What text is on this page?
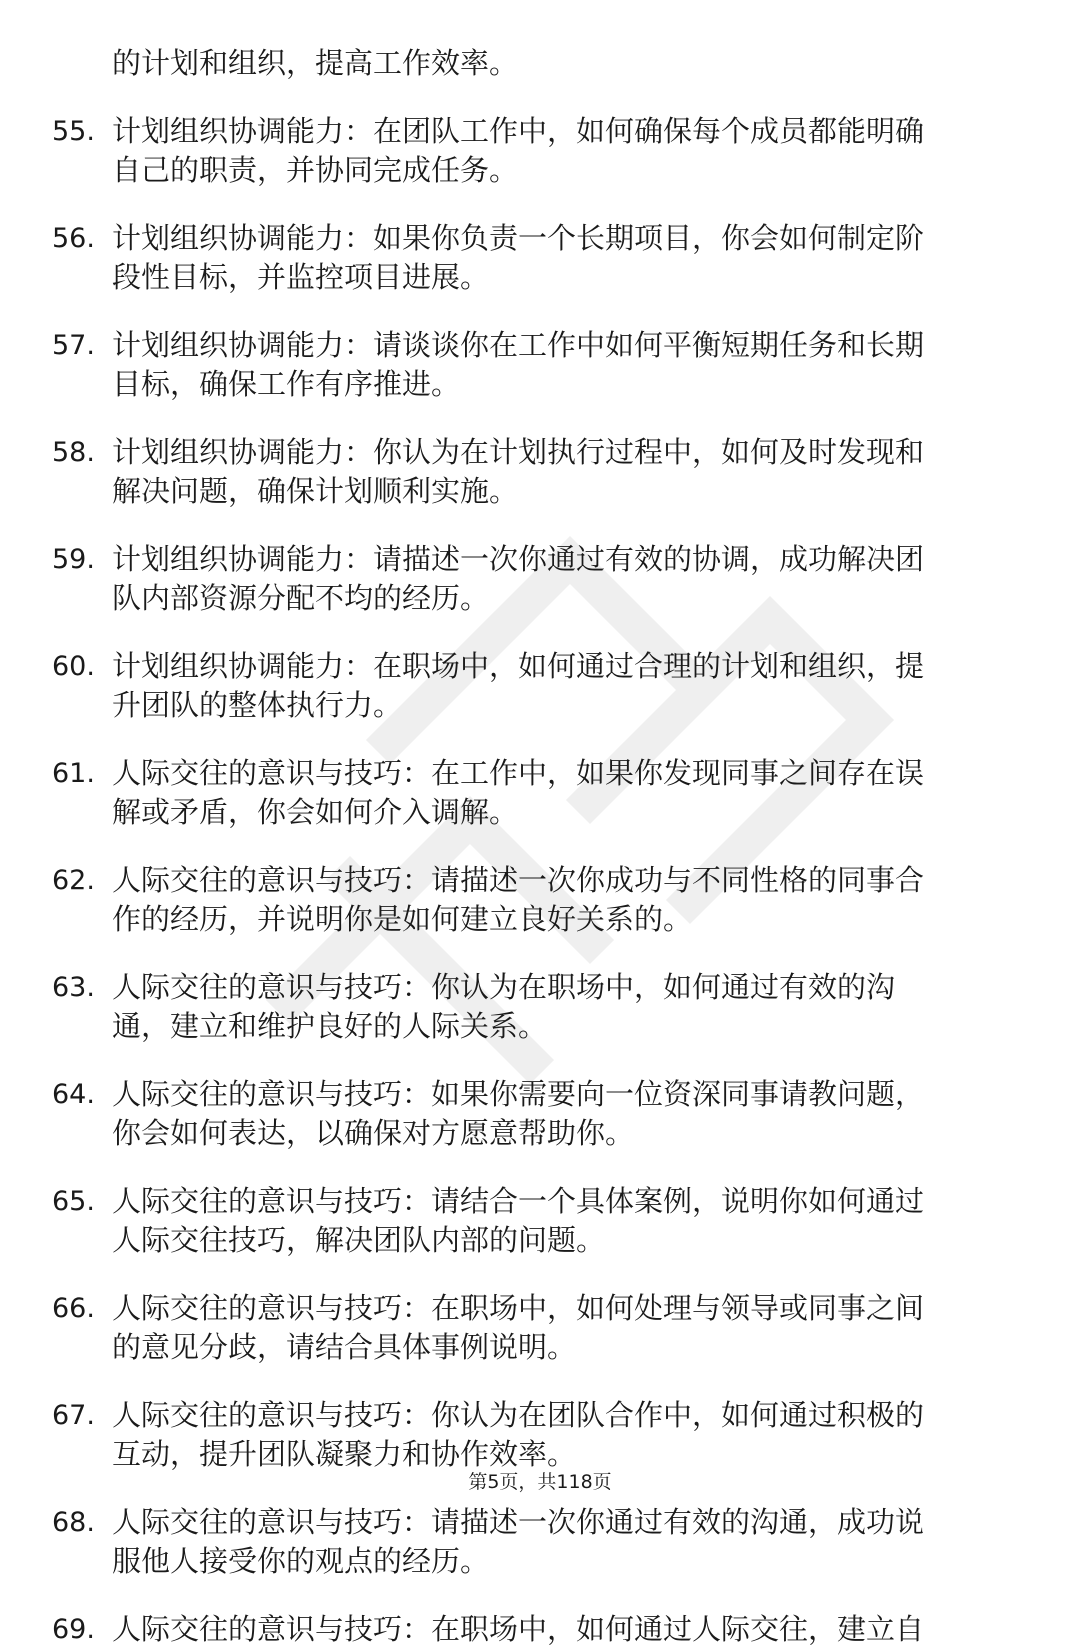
的计划和组织，提高工作效率。
55. 计划组织协调能力：在团队工作中，如何确保每个成员都能明确
自己的职责，并协同完成任务。
56. 计划组织协调能力：如果你负责一个长期项目，你会如何制定阶
段性目标，并监控项目进展。
57. 计划组织协调能力：请谈谈你在工作中如何平衡短期任务和长期
目标，确保工作有序推进。
58. 计划组织协调能力：你认为在计划执行过程中，如何及时发现和
解决问题，确保计划顺利实施。
59. 计划组织协调能力：请描述一次你通过有效的协调，成功解决团
队内部资源分配不均的经历。
60. 计划组织协调能力：在职场中，如何通过合理的计划和组织，提
升团队的整体执行力。
61. 人际交往的意识与技巧：在工作中，如果你发现同事之间存在误
解或矛盾，你会如何介入调解。
62. 人际交往的意识与技巧：请描述一次你成功与不同性格的同事合
作的经历，并说明你是如何建立良好关系的。
63. 人际交往的意识与技巧：你认为在职场中，如何通过有效的沟
通，建立和维护良好的人际关系。
64. 人际交往的意识与技巧：如果你需要向一位资深同事请教问题，
你会如何表达，以确保对方愿意帮助你。
65. 人际交往的意识与技巧：请结合一个具体案例，说明你如何通过
人际交往技巧，解决团队内部的问题。
66. 人际交往的意识与技巧：在职场中，如何处理与领导或同事之间
的意见分歧，请结合具体事例说明。
67. 人际交往的意识与技巧：你认为在团队合作中，如何通过积极的
互动，提升团队凝聚力和协作效率。
68. 人际交往的意识与技巧：请描述一次你通过有效的沟通，成功说
服他人接受你的观点的经历。
69. 人际交往的意识与技巧：在职场中，如何通过人际交往，建立自
第5页，共118页
